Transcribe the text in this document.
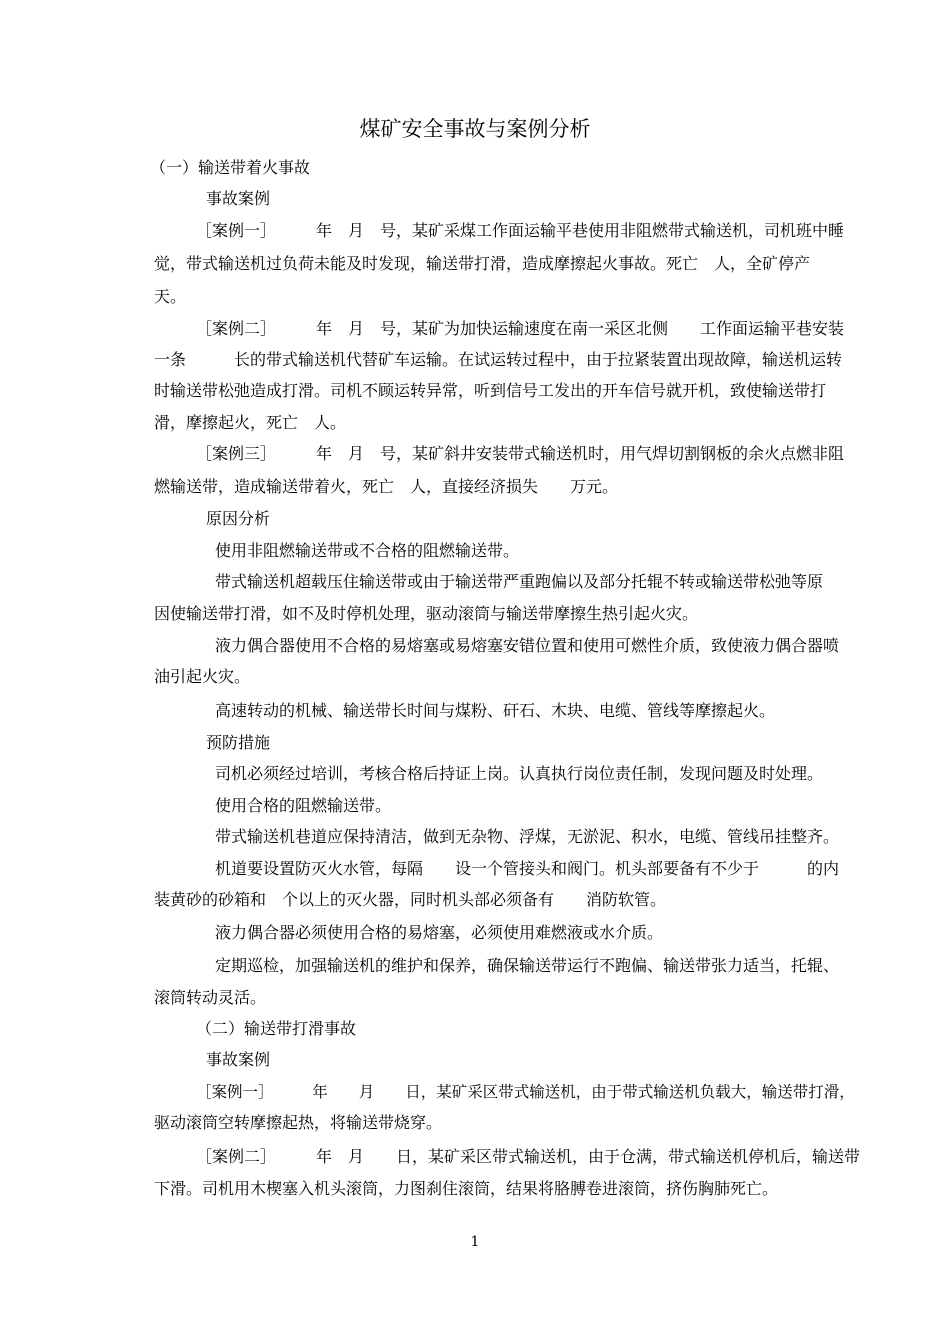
煤矿安全事故与案例分析
（一）输送带着火事故
事故案例
［案例一］　　　年　月　号，某矿采煤工作面运输平巷使用非阻燃带式输送机，司机班中睡
觉，带式输送机过负荷未能及时发现，输送带打滑，造成摩擦起火事故。死亡　人，全矿停产
天。
［案例二］　　　年　月　号，某矿为加快运输速度在南一采区北侧　　工作面运输平巷安装
一条　　　长的带式输送机代替矿车运输。在试运转过程中，由于拉紧装置出现故障，输送机运转
时输送带松弛造成打滑。司机不顾运转异常，听到信号工发出的开车信号就开机，致使输送带打
滑，摩擦起火，死亡　人。
［案例三］　　　年　月　号，某矿斜井安装带式输送机时，用气焊切割钢板的余火点燃非阻
燃输送带，造成输送带着火，死亡　人，直接经济损失　　万元。
原因分析
使用非阻燃输送带或不合格的阻燃输送带。
带式输送机超载压住输送带或由于输送带严重跑偏以及部分托辊不转或输送带松弛等原
因使输送带打滑，如不及时停机处理，驱动滚筒与输送带摩擦生热引起火灾。
液力偶合器使用不合格的易熔塞或易熔塞安错位置和使用可燃性介质，致使液力偶合器喷
油引起火灾。
高速转动的机械、输送带长时间与煤粉、矸石、木块、电缆、管线等摩擦起火。
预防措施
司机必须经过培训，考核合格后持证上岗。认真执行岗位责任制，发现问题及时处理。
使用合格的阻燃输送带。
带式输送机巷道应保持清洁，做到无杂物、浮煤，无淤泥、积水，电缆、管线吊挂整齐。
机道要设置防灭火水管，每隔　　设一个管接头和阀门。机头部要备有不少于　　　的内
装黄砂的砂箱和　个以上的灭火器，同时机头部必须备有　　消防软管。
液力偶合器必须使用合格的易熔塞，必须使用难燃液或水介质。
定期巡检，加强输送机的维护和保养，确保输送带运行不跑偏、输送带张力适当，托辊、
滚筒转动灵活。
（二）输送带打滑事故
事故案例
［案例一］　　　年　　月　　日，某矿采区带式输送机，由于带式输送机负载大，输送带打滑，
驱动滚筒空转摩擦起热，将输送带烧穿。
［案例二］　　　年　月　　日，某矿采区带式输送机，由于仓满，带式输送机停机后，输送带
下滑。司机用木楔塞入机头滚筒，力图刹住滚筒，结果将胳膊卷进滚筒，挤伤胸肺死亡。
1
